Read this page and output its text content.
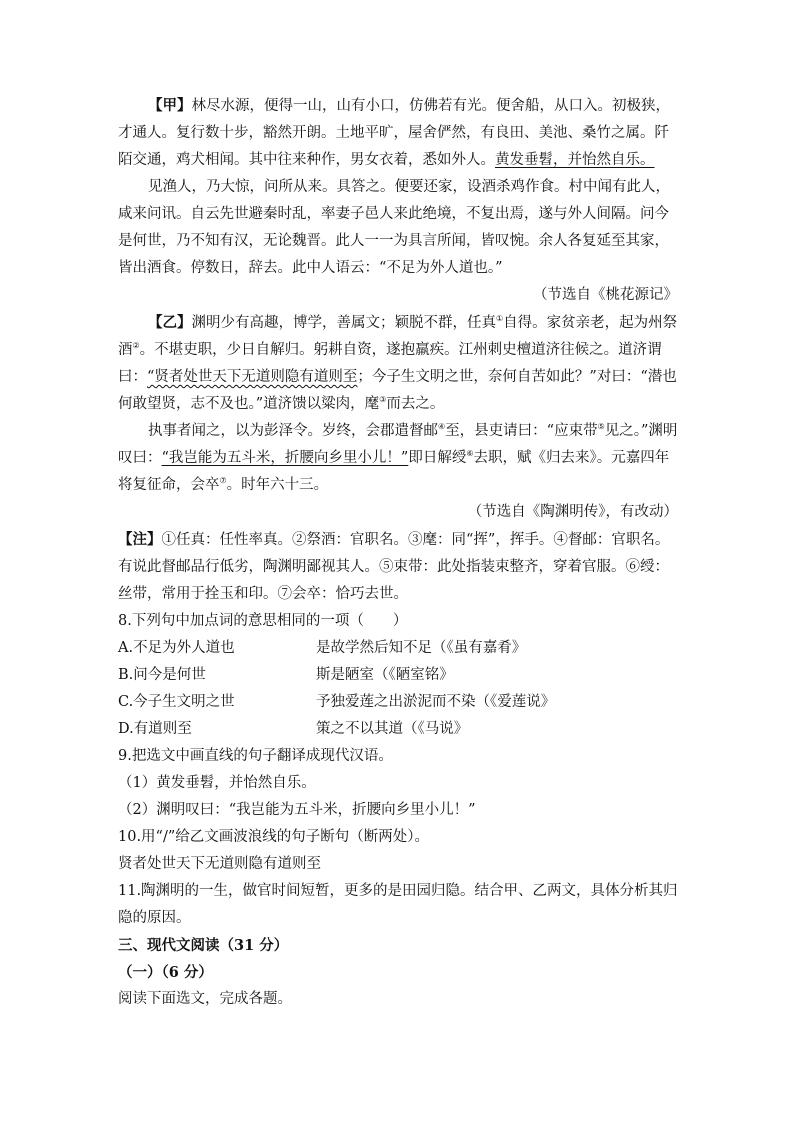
【甲】林尽水源，便得一山，山有小口，仿佛若有光。便舍船，从口入。初极狭，才通人。复行数十步，豁然开朗。土地平旷，屋舍俨然，有良田、美池、桑竹之属。阡陌交通，鸡犬相闻。其中往来种作，男女衣着，悉如外人。黄发垂髫，并怡然自乐。

见渔人，乃大惊，问所从来。具答之。便要还家，设酒杀鸡作食。村中闻有此人，咸来问讯。自云先世避秦时乱，率妻子邑人来此绝境，不复出焉，遂与外人间隔。问今是何世，乃不知有汉，无论魏晋。此人一一为具言所闻，皆叹惋。余人各复延至其家，皆出酒食。停数日，辞去。此中人语云：“不足为外人道也。”

（节选自《桃花源记》

【乙】渊明少有高趣，博学，善属文；颖脱不群，任真①自得。家贫亲老，起为州祭酒②。不堪吏职，少日自解归。躬耕自资，遂抱羸疾。江州刺史檀道济往候之。道济谓曰：“贤者处世天下无道则隐有道则至；今子生文明之世，奈何自苦如此？”对曰：“潜也何敢望贤，志不及也。”道济馈以粱肉，麾③而去之。

执事者闻之，以为彭泽令。岁终，会郡遣督邮④至，县吏请曰：“应束带⑤见之。”渊明叹曰：“我岂能为五斗米，折腰向乡里小儿！”即日解绶⑥去职，赋《归去来》。元嘉四年将复征命，会卒⑦。时年六十三。

（节选自《陶渊明传》，有改动）

【注】①任真：任性率真。②祭酒：官职名。③麾：同“挥”，挥手。④督邮：官职名。有说此督邮品行低劣，陶渊明鄙视其人。⑤束带：此处指装束整齐，穿着官服。⑥绶：丝带，常用于拴玉和印。⑦会卒：恰巧去世。

8.下列句中加点词的意思相同的一项（　　）

A.不足为外人道也	是故学然后知不足（《虽有嘉肴》
B.问今是何世	斯是陋室（《陋室铭》
C.今子生文明之世	予独爱莲之出淤泥而不染（《爱莲说》
D.有道则至	策之不以其道（《马说》

9.把选文中画直线的句子翻译成现代汉语。

（1）黄发垂髫，并怡然自乐。

（2）渊明叹曰：“我岂能为五斗米，折腰向乡里小儿！”

10.用“/”给乙文画波浪线的句子断句（断两处）。

贤者处世天下无道则隐有道则至

11.陶渊明的一生，做官时间短暂，更多的是田园归隐。结合甲、乙两文，具体分析其归隐的原因。

三、现代文阅读（31 分）

（一）（6 分）

阅读下面选文，完成各题。
